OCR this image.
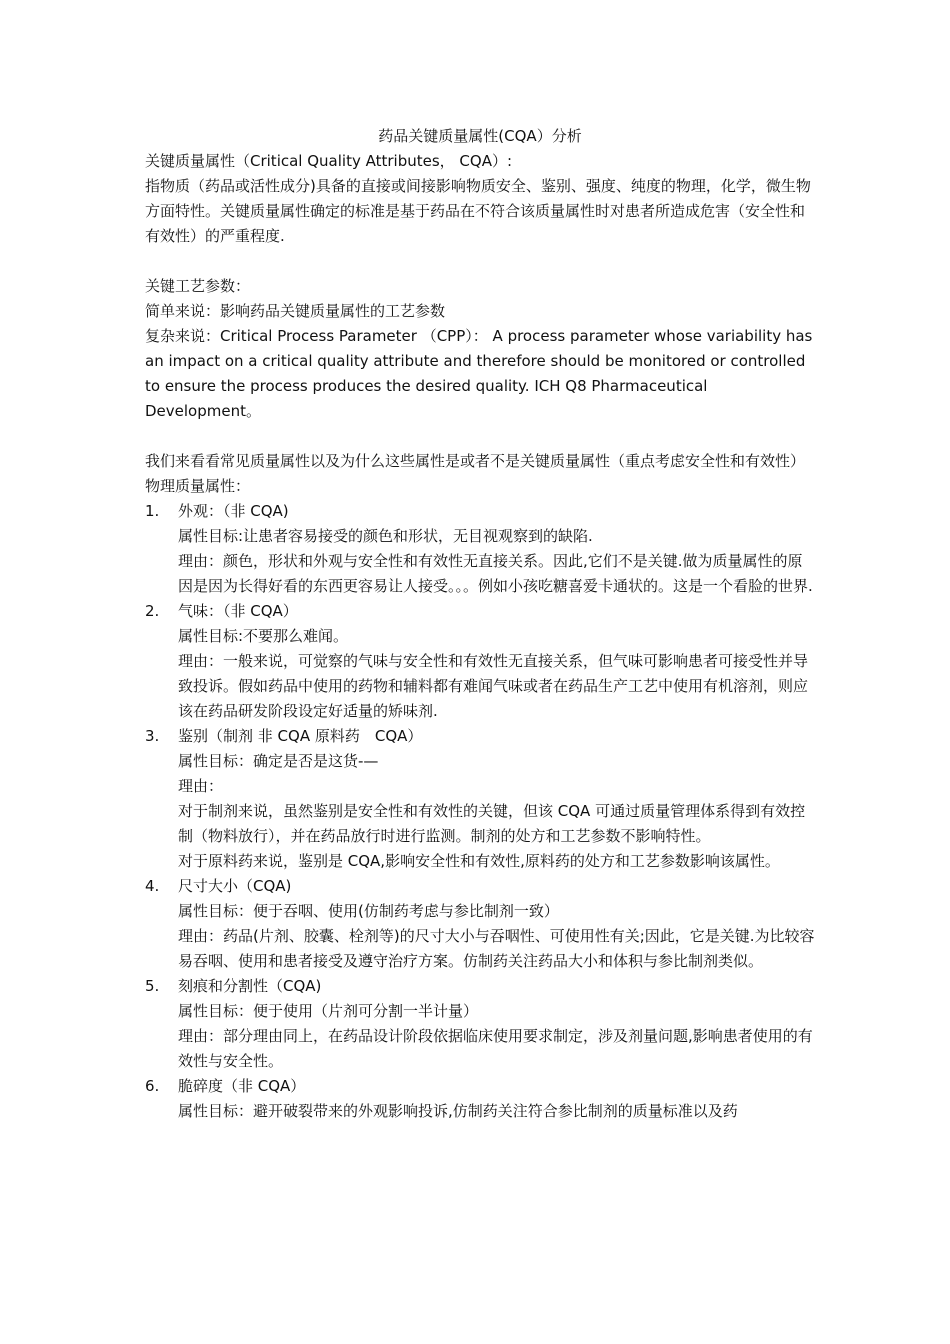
药品关键质量属性(CQA）分析

关键质量属性（Critical Quality Attributes， CQA）:

指物质（药品或活性成分)具备的直接或间接影响物质安全、鉴别、强度、纯度的物理，化学，微生物方面特性。关键质量属性确定的标准是基于药品在不符合该质量属性时对患者所造成危害（安全性和有效性）的严重程度.

关键工艺参数：

简单来说：影响药品关键质量属性的工艺参数

复杂来说：Critical Process Parameter （CPP）： A process parameter whose variability has an impact on a critical quality attribute and therefore should be monitored or controlled to ensure the process produces the desired quality. ICH Q8 Pharmaceutical Development。

我们来看看常见质量属性以及为什么这些属性是或者不是关键质量属性（重点考虑安全性和有效性）

物理质量属性：

1.	外观：（非 CQA)

属性目标:让患者容易接受的颜色和形状，无目视观察到的缺陷.

理由：颜色，形状和外观与安全性和有效性无直接关系。因此,它们不是关键.做为质量属性的原因是因为长得好看的东西更容易让人接受。。。例如小孩吃糖喜爱卡通状的。这是一个看脸的世界.

2.	气味：（非 CQA）

属性目标:不要那么难闻。

理由：一般来说，可觉察的气味与安全性和有效性无直接关系，但气味可影响患者可接受性并导致投诉。假如药品中使用的药物和辅料都有难闻气味或者在药品生产工艺中使用有机溶剂，则应该在药品研发阶段设定好适量的矫味剂.

3.	鉴别（制剂 非 CQA 原料药　CQA）

属性目标：确定是否是这货-—

理由：

对于制剂来说，虽然鉴别是安全性和有效性的关键，但该 CQA 可通过质量管理体系得到有效控制（物料放行），并在药品放行时进行监测。制剂的处方和工艺参数不影响特性。

对于原料药来说，鉴别是 CQA,影响安全性和有效性,原料药的处方和工艺参数影响该属性。

4.	尺寸大小（CQA)

属性目标：便于吞咽、使用(仿制药考虑与参比制剂一致）

理由：药品(片剂、胶囊、栓剂等)的尺寸大小与吞咽性、可使用性有关;因此，它是关键.为比较容易吞咽、使用和患者接受及遵守治疗方案。仿制药关注药品大小和体积与参比制剂类似。

5.	刻痕和分割性（CQA)

属性目标：便于使用（片剂可分割一半计量）

理由：部分理由同上，在药品设计阶段依据临床使用要求制定，涉及剂量问题,影响患者使用的有效性与安全性。

6.	脆碎度（非 CQA）

属性目标：避开破裂带来的外观影响投诉,仿制药关注符合参比制剂的质量标准以及药
